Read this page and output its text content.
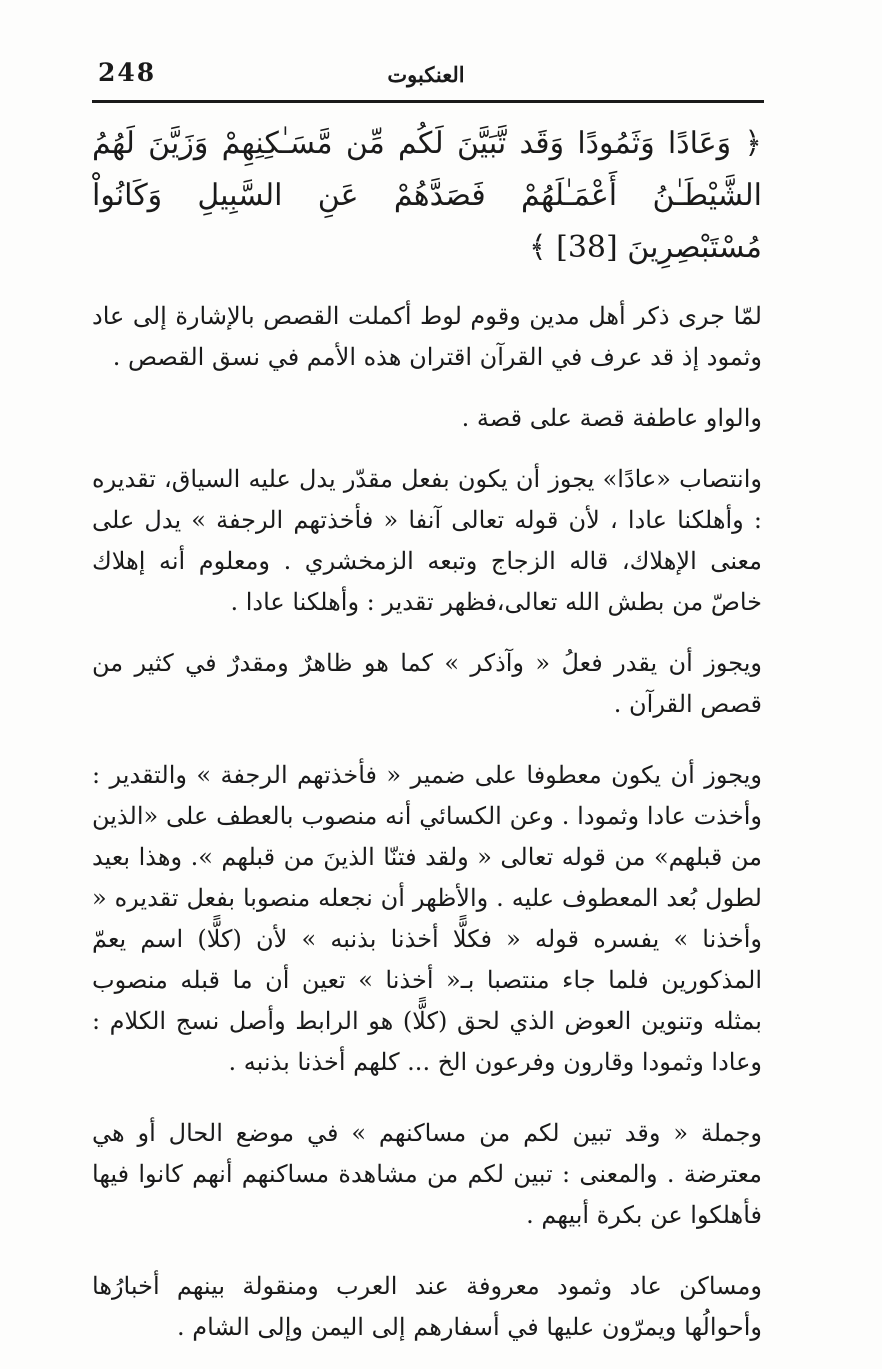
248	العنكبوت

﴿ وَعَادًا وَثَمُودًا وَقَد تَّبَيَّنَ لَكُم مِّن مَّسَـٰكِنِهِمْ وَزَيَّنَ لَهُمُ الشَّيْطَـٰنُ أَعْمَـٰلَهُمْ فَصَدَّهُمْ عَنِ السَّبِيلِ وَكَانُواْ مُسْتَبْصِرِينَ [38] ﴾

لمّا جرى ذكر أهل مدين وقوم لوط أكملت القصص بالإشارة إلى عاد وثمود إذ قد عرف في القرآن اقتران هذه الأمم في نسق القصص .

والواو عاطفة قصة على قصة .

وانتصاب «عادًا» يجوز أن يكون بفعل مقدّر يدل عليه السياق، تقديره : وأهلكنا عادا ، لأن قوله تعالى آنفا « فأخذتهم الرجفة » يدل على معنى الإهلاك، قاله الزجاج وتبعه الزمخشري . ومعلوم أنه إهلاك خاصّ من بطش الله تعالى،فظهر تقدير : وأهلكنا عادا .

ويجوز أن يقدر فعلُ « وآذكر » كما هو ظاهرٌ ومقدرٌ في كثير من قصص القرآن .

ويجوز أن يكون معطوفا على ضمير « فأخذتهم الرجفة » والتقدير : وأخذت عادا وثمودا . وعن الكسائي أنه منصوب بالعطف على «الذين من قبلهم» من قوله تعالى « ولقد فتنّا الذينَ من قبلهم ». وهذا بعيد لطول بُعد المعطوف عليه . والأظهر أن نجعله منصوبا بفعل تقديره « وأخذنا » يفسره قوله « فكلًّا أخذنا بذنبه » لأن (كلًّا) اسم يعمّ المذكورين فلما جاء منتصبا بـ« أخذنا » تعين أن ما قبله منصوب بمثله وتنوين العوض الذي لحق (كلًّا) هو الرابط وأصل نسج الكلام : وعادا وثمودا وقارون وفرعون الخ ... كلهم أخذنا بذنبه .

وجملة « وقد تبين لكم من مساكنهم » في موضع الحال أو هي معترضة . والمعنى : تبين لكم من مشاهدة مساكنهم أنهم كانوا فيها فأهلكوا عن بكرة أبيهم .

ومساكن عاد وثمود معروفة عند العرب ومنقولة بينهم أخبارُها وأحوالُها ويمرّون عليها في أسفارهم إلى اليمن وإلى الشام .
